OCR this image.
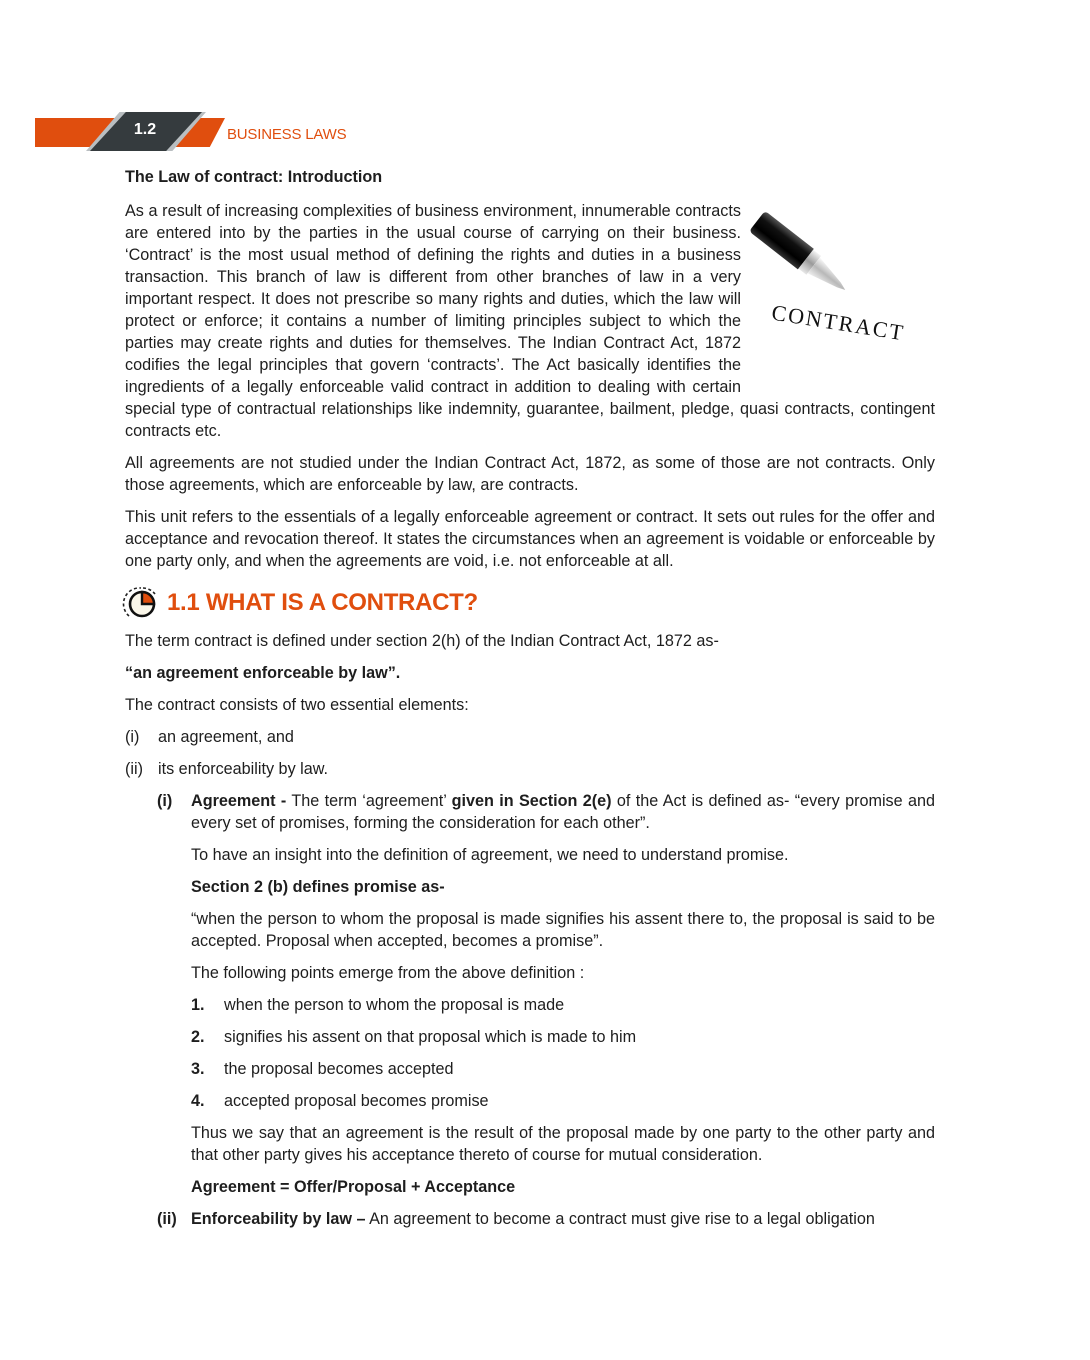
1.2	BUSINESS LAWS
The Law of contract: Introduction

CONTRACT
As a result of increasing complexities of business environment, innumerable contracts are entered into by the parties in the usual course of carrying on their business. ‘Contract’ is the most usual method of defining the rights and duties in a business transaction. This branch of law is different from other branches of law in a very important respect. It does not prescribe so many rights and duties, which the law will protect or enforce; it contains a number of limiting principles subject to which the parties may create rights and duties for themselves. The Indian Contract Act, 1872 codifies the legal principles that govern ‘contracts’. The Act basically identifies the ingredients of a legally enforceable valid contract in addition to dealing with certain special type of contractual relationships like indemnity, guarantee, bailment, pledge, quasi contracts, contingent contracts etc.

All agreements are not studied under the Indian Contract Act, 1872, as some of those are not contracts. Only those agreements, which are enforceable by law, are contracts.

This unit refers to the essentials of a legally enforceable agreement or contract. It sets out rules for the offer and acceptance and revocation thereof. It states the circumstances when an agreement is voidable or enforceable by one party only, and when the agreements are void, i.e. not enforceable at all.

1.1 WHAT IS A CONTRACT?
The term contract is defined under section 2(h) of the Indian Contract Act, 1872 as-
“an agreement enforceable by law”.
The contract consists of two essential elements:
(i)	an agreement, and
(ii) its enforceability by law.
(i)	Agreement - The term ‘agreement’ given in Section 2(e) of the Act is defined as- “every promise and every set of promises, forming the consideration for each other”.

To have an insight into the definition of agreement, we need to understand promise.

Section 2 (b) defines promise as-

“when the person to whom the proposal is made signifies his assent there to, the proposal is said to be accepted. Proposal when accepted, becomes a promise”.

The following points emerge from the above definition :

1.	when the person to whom the proposal is made
2.	signifies his assent on that proposal which is made to him
3.	the proposal becomes accepted
4.	accepted proposal becomes promise

Thus we say that an agreement is the result of the proposal made by one party to the other party and that other party gives his acceptance thereto of course for mutual consideration.

Agreement = Offer/Proposal + Acceptance

(ii) Enforceability by law – An agreement to become a contract must give rise to a legal obligation
